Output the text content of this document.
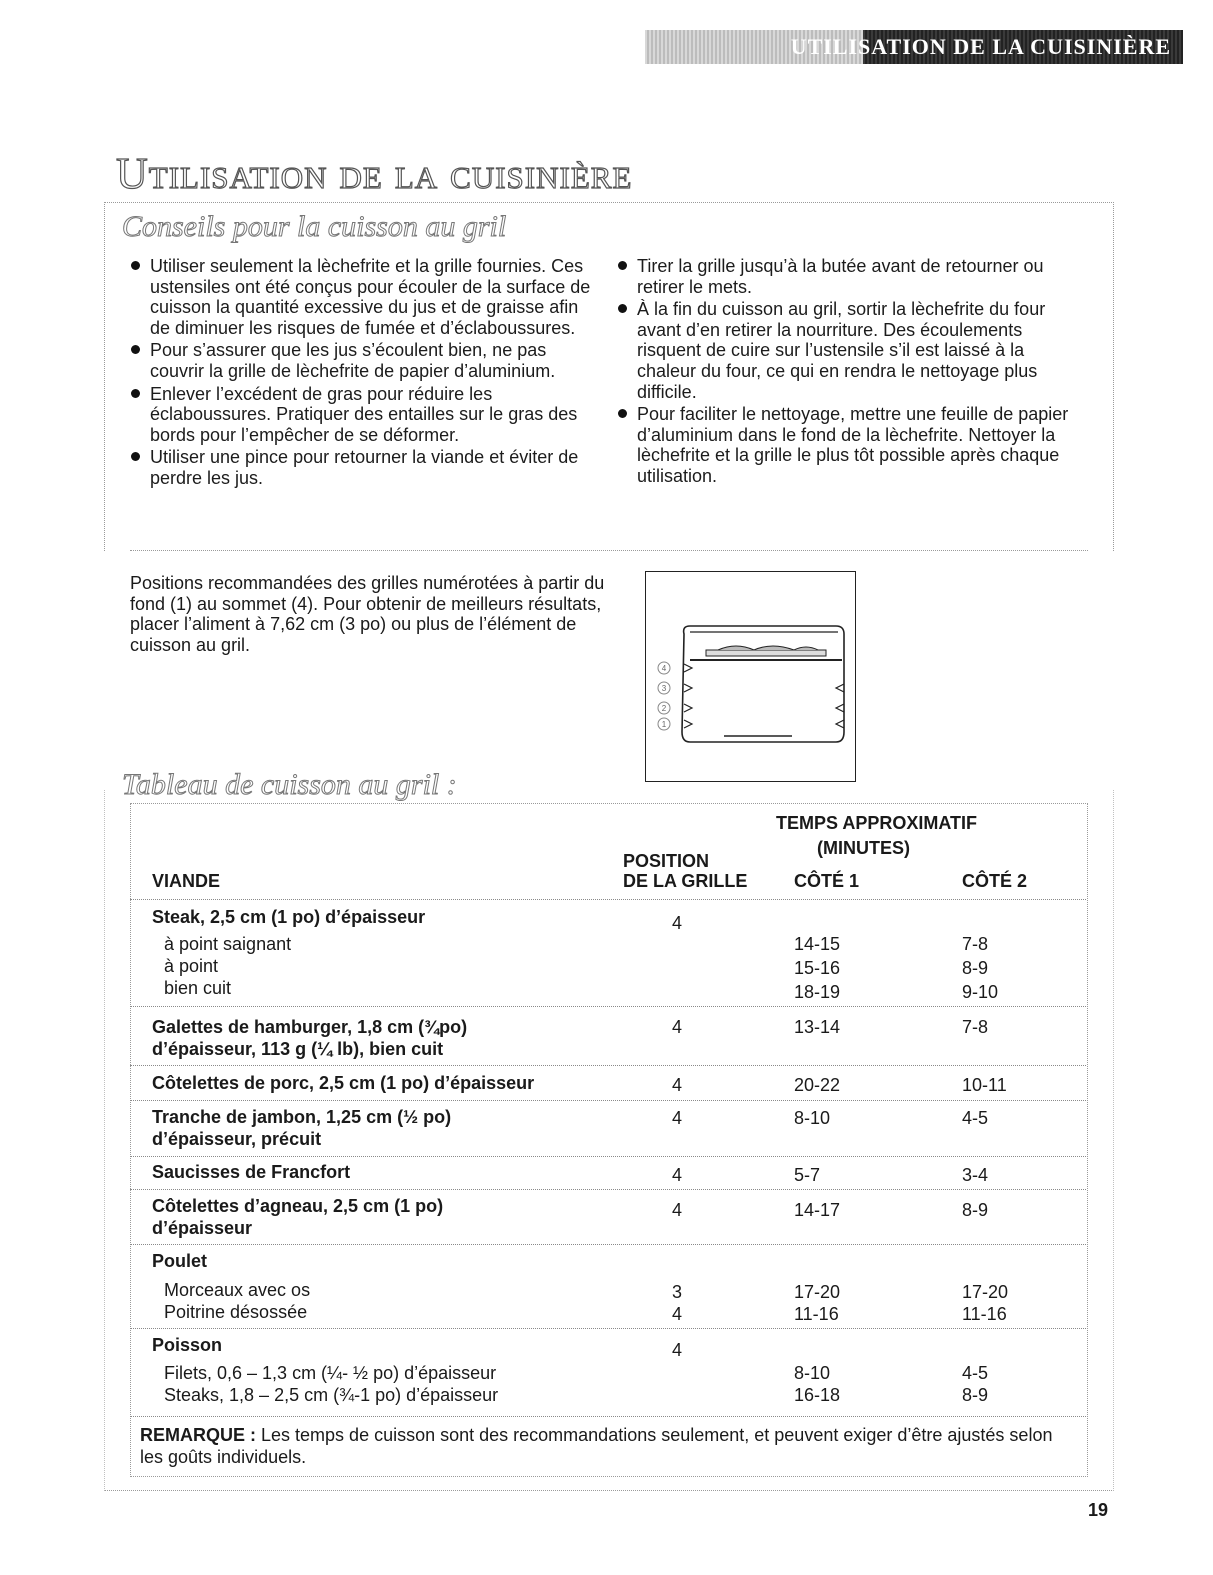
UTILISATION DE LA CUISINIÈRE
Utilisation de la cuisinière
Conseils pour la cuisson au gril
Utiliser seulement la lèchefrite et la grille fournies. Ces ustensiles ont été conçus pour écouler de la surface de cuisson la quantité excessive du jus et de graisse afin de diminuer les risques de fumée et d’éclaboussures.
Pour s’assurer que les jus s’écoulent bien, ne pas couvrir la grille de lèchefrite de papier d’aluminium.
Enlever l’excédent de gras pour réduire les éclaboussures. Pratiquer des entailles sur le gras des bords pour l’empêcher de se déformer.
Utiliser une pince pour retourner la viande et éviter de perdre les jus.
Tirer la grille jusqu’à la butée avant de retourner ou retirer le mets.
À la fin du cuisson au gril, sortir la lèchefrite du four avant d’en retirer la nourriture. Des écoulements risquent de cuire sur l’ustensile s’il est laissé à la chaleur du four, ce qui en rendra le nettoyage plus difficile.
Pour faciliter le nettoyage, mettre une feuille de papier d’aluminium dans le fond de la lèchefrite. Nettoyer la lèchefrite et la grille le plus tôt possible après chaque utilisation.
Positions recommandées des grilles numérotées à partir du fond (1) au sommet (4). Pour obtenir de meilleurs résultats, placer l’aliment à 7,62 cm (3 po) ou plus de l’élément de cuisson au gril.
4
3
2
1
Tableau de cuisson au gril :
TEMPS APPROXIMATIF
(MINUTES)
POSITION
VIANDE	DE LA GRILLE	CÔTÉ 1	CÔTÉ 2
Steak, 2,5 cm (1 po) d’épaisseur	4
à point saignant	14-15	7-8
à point	15-16	8-9
bien cuit	18-19	9-10
Galettes de hamburger, 1,8 cm (¾po)
d’épaisseur, 113 g (¼ lb), bien cuit
4	13-14	7-8
Côtelettes de porc, 2,5 cm (1 po) d’épaisseur	4	20-22	10-11
Tranche de jambon, 1,25 cm (½ po)
d’épaisseur, précuit
4	8-10	4-5
Saucisses de Francfort	4	5-7	3-4
Côtelettes d’agneau, 2,5 cm (1 po)
d’épaisseur
4	14-17	8-9
Poulet
Morceaux avec os	3	17-20	17-20
Poitrine désossée	4	11-16	11-16
Poisson	4
Filets, 0,6 – 1,3 cm (¼- ½ po) d’épaisseur	8-10	4-5
Steaks, 1,8 – 2,5 cm (¾-1 po) d’épaisseur	16-18	8-9
REMARQUE : Les temps de cuisson sont des recommandations seulement, et peuvent exiger d’être ajustés selon les goûts individuels.
19
